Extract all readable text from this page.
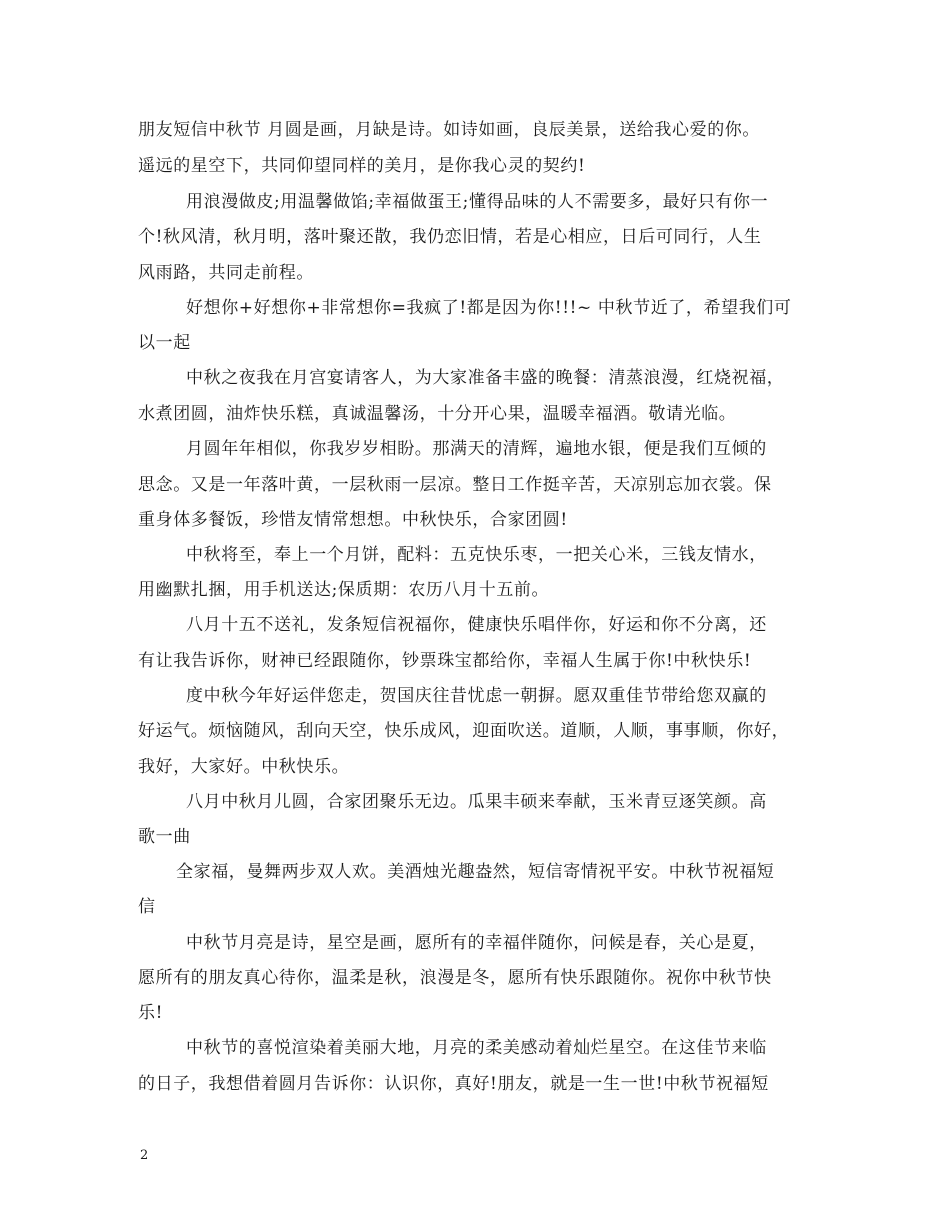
朋友短信中秋节 月圆是画，月缺是诗。如诗如画，良辰美景，送给我心爱的你。
遥远的星空下，共同仰望同样的美月，是你我心灵的契约!
用浪漫做皮;用温馨做馅;幸福做蛋王;懂得品味的人不需要多，最好只有你一
个!秋风清，秋月明，落叶聚还散，我仍恋旧情，若是心相应，日后可同行，人生
风雨路，共同走前程。
好想你+好想你+非常想你=我疯了!都是因为你!!!~ 中秋节近了，希望我们可
以一起
中秋之夜我在月宫宴请客人，为大家准备丰盛的晚餐：清蒸浪漫，红烧祝福，
水煮团圆，油炸快乐糕，真诚温馨汤，十分开心果，温暖幸福酒。敬请光临。
月圆年年相似，你我岁岁相盼。那满天的清辉，遍地水银，便是我们互倾的
思念。又是一年落叶黄，一层秋雨一层凉。整日工作挺辛苦，天凉别忘加衣裳。保
重身体多餐饭，珍惜友情常想想。中秋快乐，合家团圆!
中秋将至，奉上一个月饼，配料：五克快乐枣，一把关心米，三钱友情水，
用幽默扎捆，用手机送达;保质期：农历八月十五前。
八月十五不送礼，发条短信祝福你，健康快乐唱伴你，好运和你不分离，还
有让我告诉你，财神已经跟随你，钞票珠宝都给你，幸福人生属于你!中秋快乐!
度中秋今年好运伴您走，贺国庆往昔忧虑一朝摒。愿双重佳节带给您双赢的
好运气。烦恼随风，刮向天空，快乐成风，迎面吹送。道顺，人顺，事事顺，你好，
我好，大家好。中秋快乐。
八月中秋月儿圆，合家团聚乐无边。瓜果丰硕来奉献，玉米青豆逐笑颜。高
歌一曲
全家福，曼舞两步双人欢。美酒烛光趣盎然，短信寄情祝平安。中秋节祝福短
信
中秋节月亮是诗，星空是画，愿所有的幸福伴随你，问候是春，关心是夏，
愿所有的朋友真心待你，温柔是秋，浪漫是冬，愿所有快乐跟随你。祝你中秋节快
乐!
中秋节的喜悦渲染着美丽大地，月亮的柔美感动着灿烂星空。在这佳节来临
的日子，我想借着圆月告诉你：认识你，真好!朋友，就是一生一世!中秋节祝福短
2
